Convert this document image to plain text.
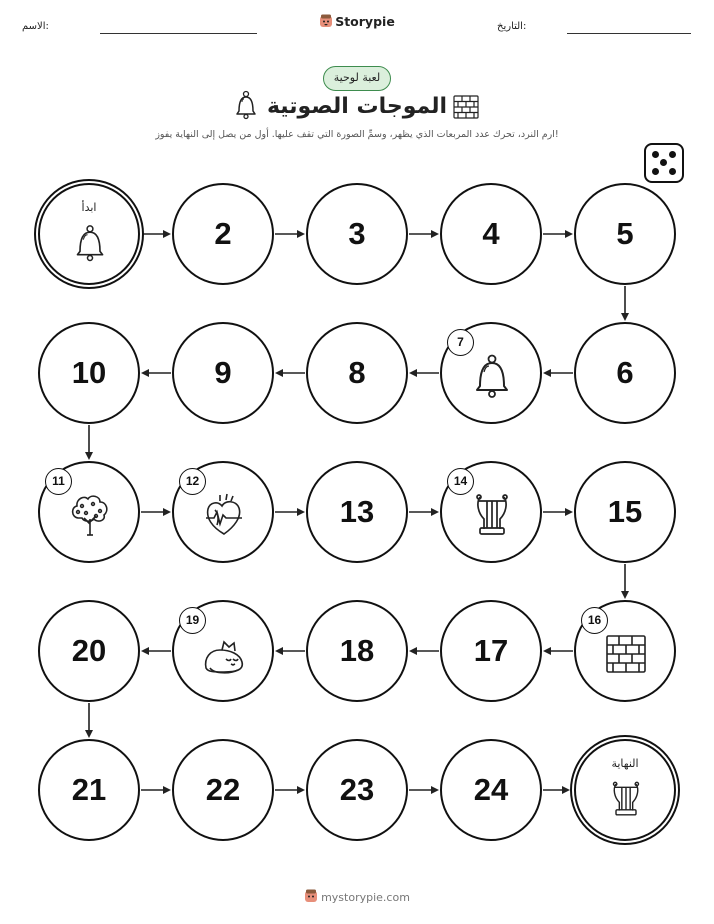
الاسم:	Storypie	التاريخ:
لعبة لوحية
الموجات الصوتية
ارم النرد، تحرك عدد المربعات الذي يظهر، وسمِّ الصورة التي تقف عليها. أول من يصل إلى النهاية يفوز!
ابدأ
2	3	4	5
6
7
8
9
10
11	12
13
14
15
16
17
18
19
20
21	22	23	24
النهاية
mystorypie.com
